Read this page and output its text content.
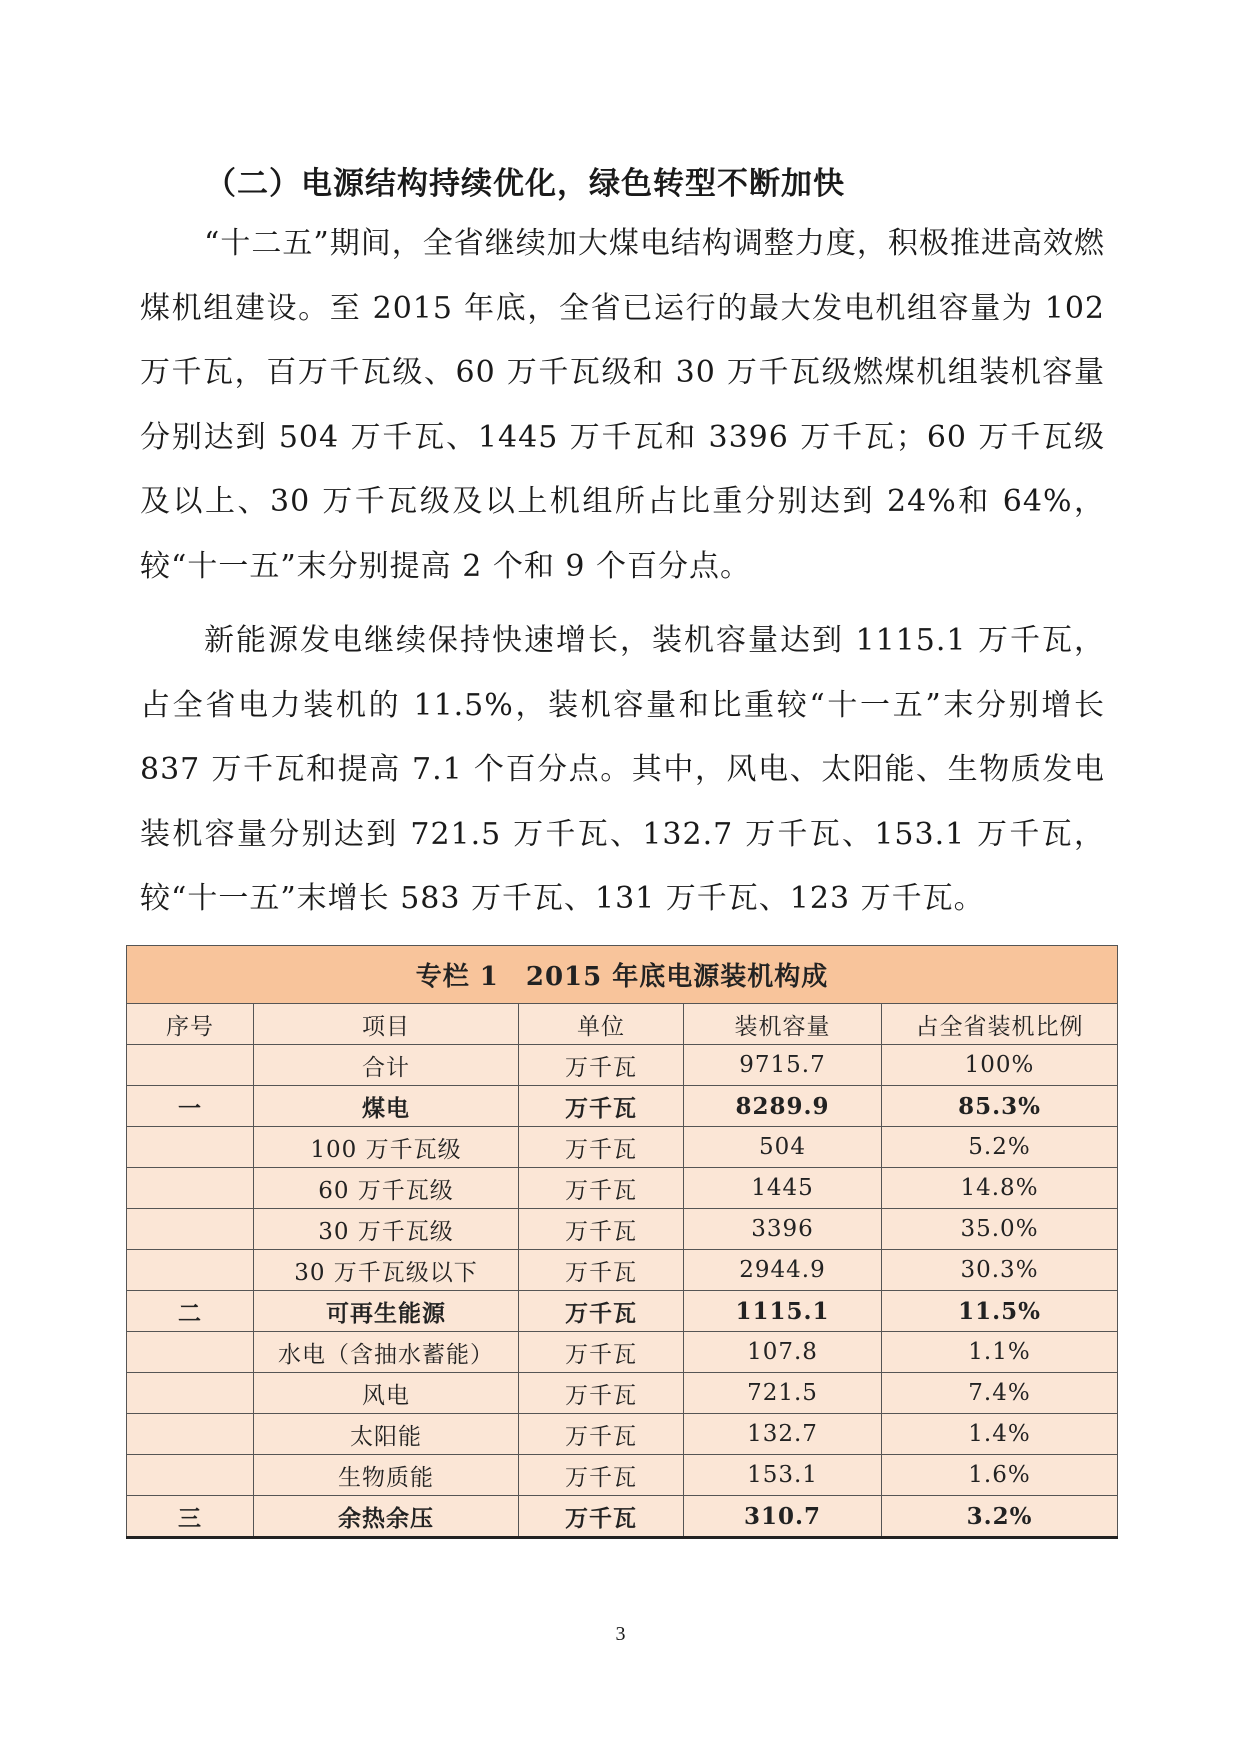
（二）电源结构持续优化，绿色转型不断加快

“十二五”期间，全省继续加大煤电结构调整力度，积极推进高效燃煤机组建设。至 2015 年底，全省已运行的最大发电机组容量为 102 万千瓦，百万千瓦级、60 万千瓦级和 30 万千瓦级燃煤机组装机容量分别达到 504 万千瓦、1445 万千瓦和 3396 万千瓦；60 万千瓦级及以上、30 万千瓦级及以上机组所占比重分别达到 24%和 64%，较“十一五”末分别提高 2 个和 9 个百分点。

新能源发电继续保持快速增长，装机容量达到 1115.1 万千瓦，占全省电力装机的 11.5%，装机容量和比重较“十一五”末分别增长 837 万千瓦和提高 7.1 个百分点。其中，风电、太阳能、生物质发电装机容量分别达到 721.5 万千瓦、132.7 万千瓦、153.1 万千瓦，较“十一五”末增长 583 万千瓦、131 万千瓦、123 万千瓦。

专栏 1　2015 年底电源装机构成				
序号	项目	单位	装机容量	占全省装机比例
	合计	万千瓦	9715.7	100%
一	煤电	万千瓦	8289.9	85.3%
	100 万千瓦级	万千瓦	504	5.2%
	60 万千瓦级	万千瓦	1445	14.8%
	30 万千瓦级	万千瓦	3396	35.0%
	30 万千瓦级以下	万千瓦	2944.9	30.3%
二	可再生能源	万千瓦	1115.1	11.5%
	水电（含抽水蓄能）	万千瓦	107.8	1.1%
	风电	万千瓦	721.5	7.4%
	太阳能	万千瓦	132.7	1.4%
	生物质能	万千瓦	153.1	1.6%
三	余热余压	万千瓦	310.7	3.2%
3
